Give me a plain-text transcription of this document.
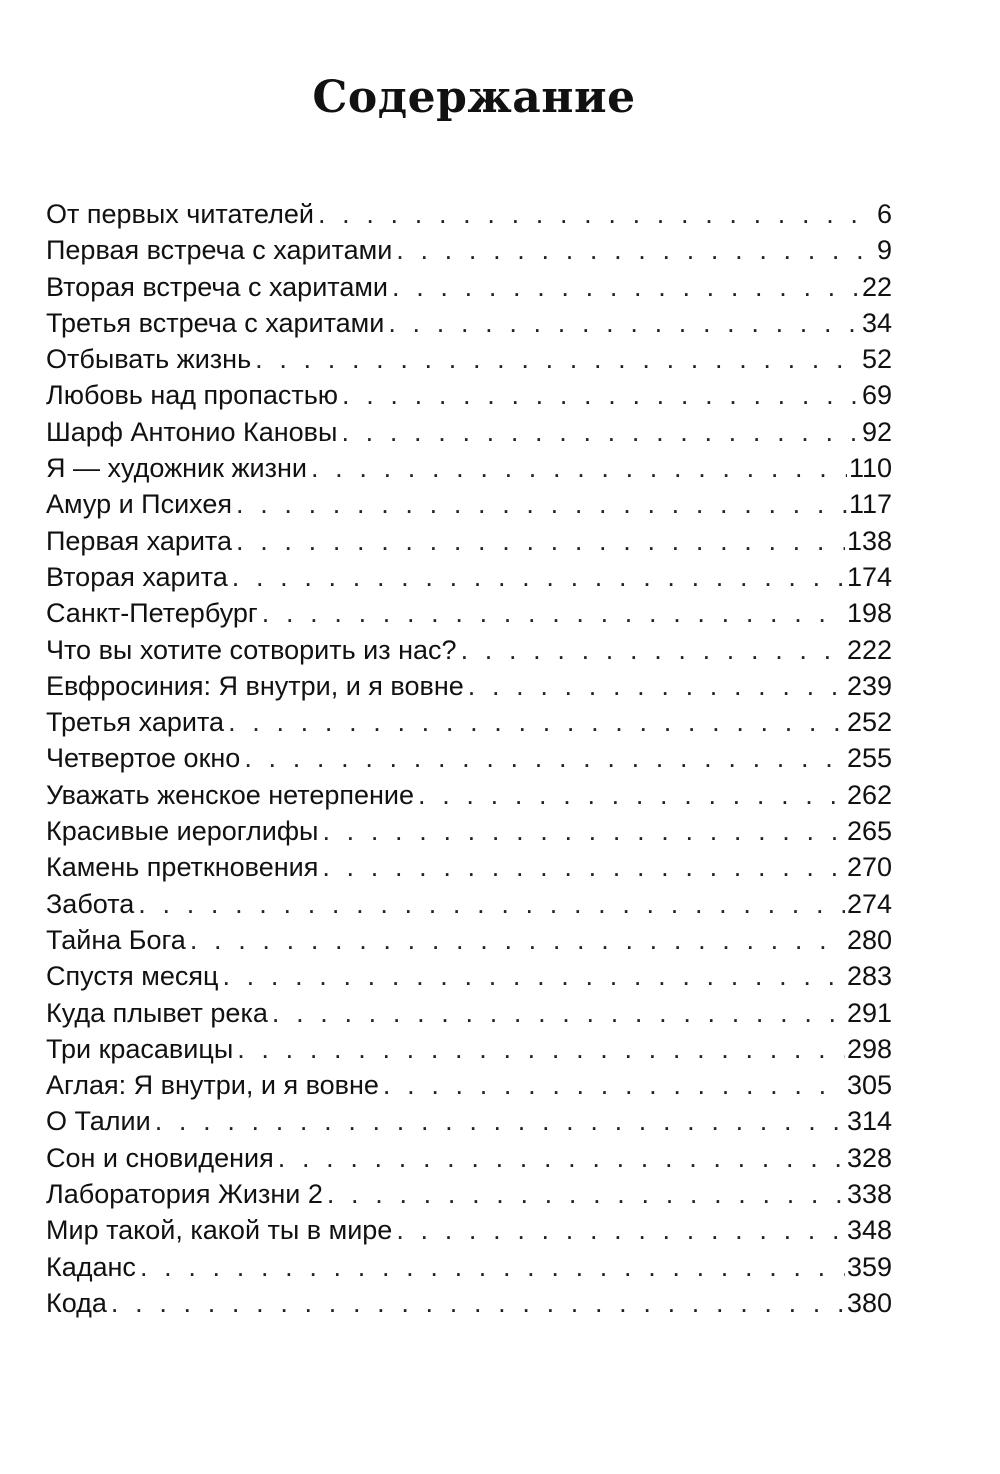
Содержание
От первых читателей . . .	6
Первая встреча с харитами . . .	9
Вторая встреча с харитами . . .	22
Третья встреча с харитами . . .	34
Отбывать жизнь . . .	52
Любовь над пропастью . . .	69
Шарф Антонио Кановы . . .	92
Я — художник жизни . . .	110
Амур и Психея . . .	117
Первая харита . . .	138
Вторая харита . . .	174
Санкт-Петербург . . .	198
Что вы хотите сотворить из нас? . . .	222
Евфросиния: Я внутри, и я вовне . . .	239
Третья харита . . .	252
Четвертое окно . . .	255
Уважать женское нетерпение . . .	262
Красивые иероглифы . . .	265
Камень преткновения . . .	270
Забота . . .	274
Тайна Бога . . .	280
Спустя месяц . . .	283
Куда плывет река . . .	291
Три красавицы . . .	298
Аглая: Я внутри, и я вовне . . .	305
О Талии . . .	314
Сон и сновидения . . .	328
Лаборатория Жизни 2 . . .	338
Мир такой, какой ты в мире . . .	348
Каданс . . .	359
Кода . . .	380
